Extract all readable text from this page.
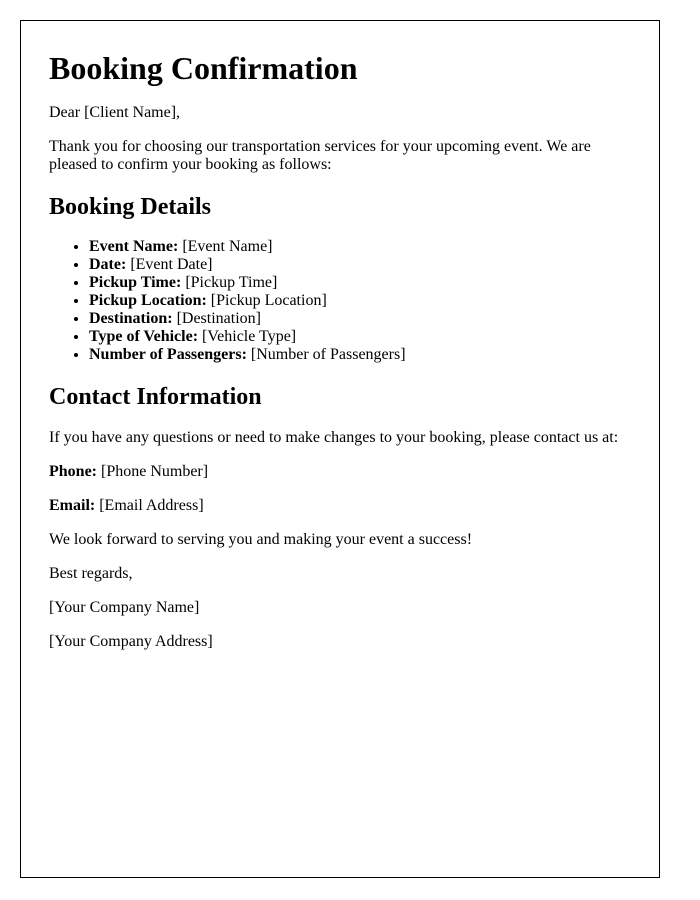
Booking Confirmation

Dear [Client Name],

Thank you for choosing our transportation services for your upcoming event. We are pleased to confirm your booking as follows:

Booking Details
• Event Name: [Event Name]
• Date: [Event Date]
• Pickup Time: [Pickup Time]
• Pickup Location: [Pickup Location]
• Destination: [Destination]
• Type of Vehicle: [Vehicle Type]
• Number of Passengers: [Number of Passengers]
Contact Information

If you have any questions or need to make changes to your booking, please contact us at:

Phone: [Phone Number]

Email: [Email Address]

We look forward to serving you and making your event a success!

Best regards,

[Your Company Name]

[Your Company Address]
